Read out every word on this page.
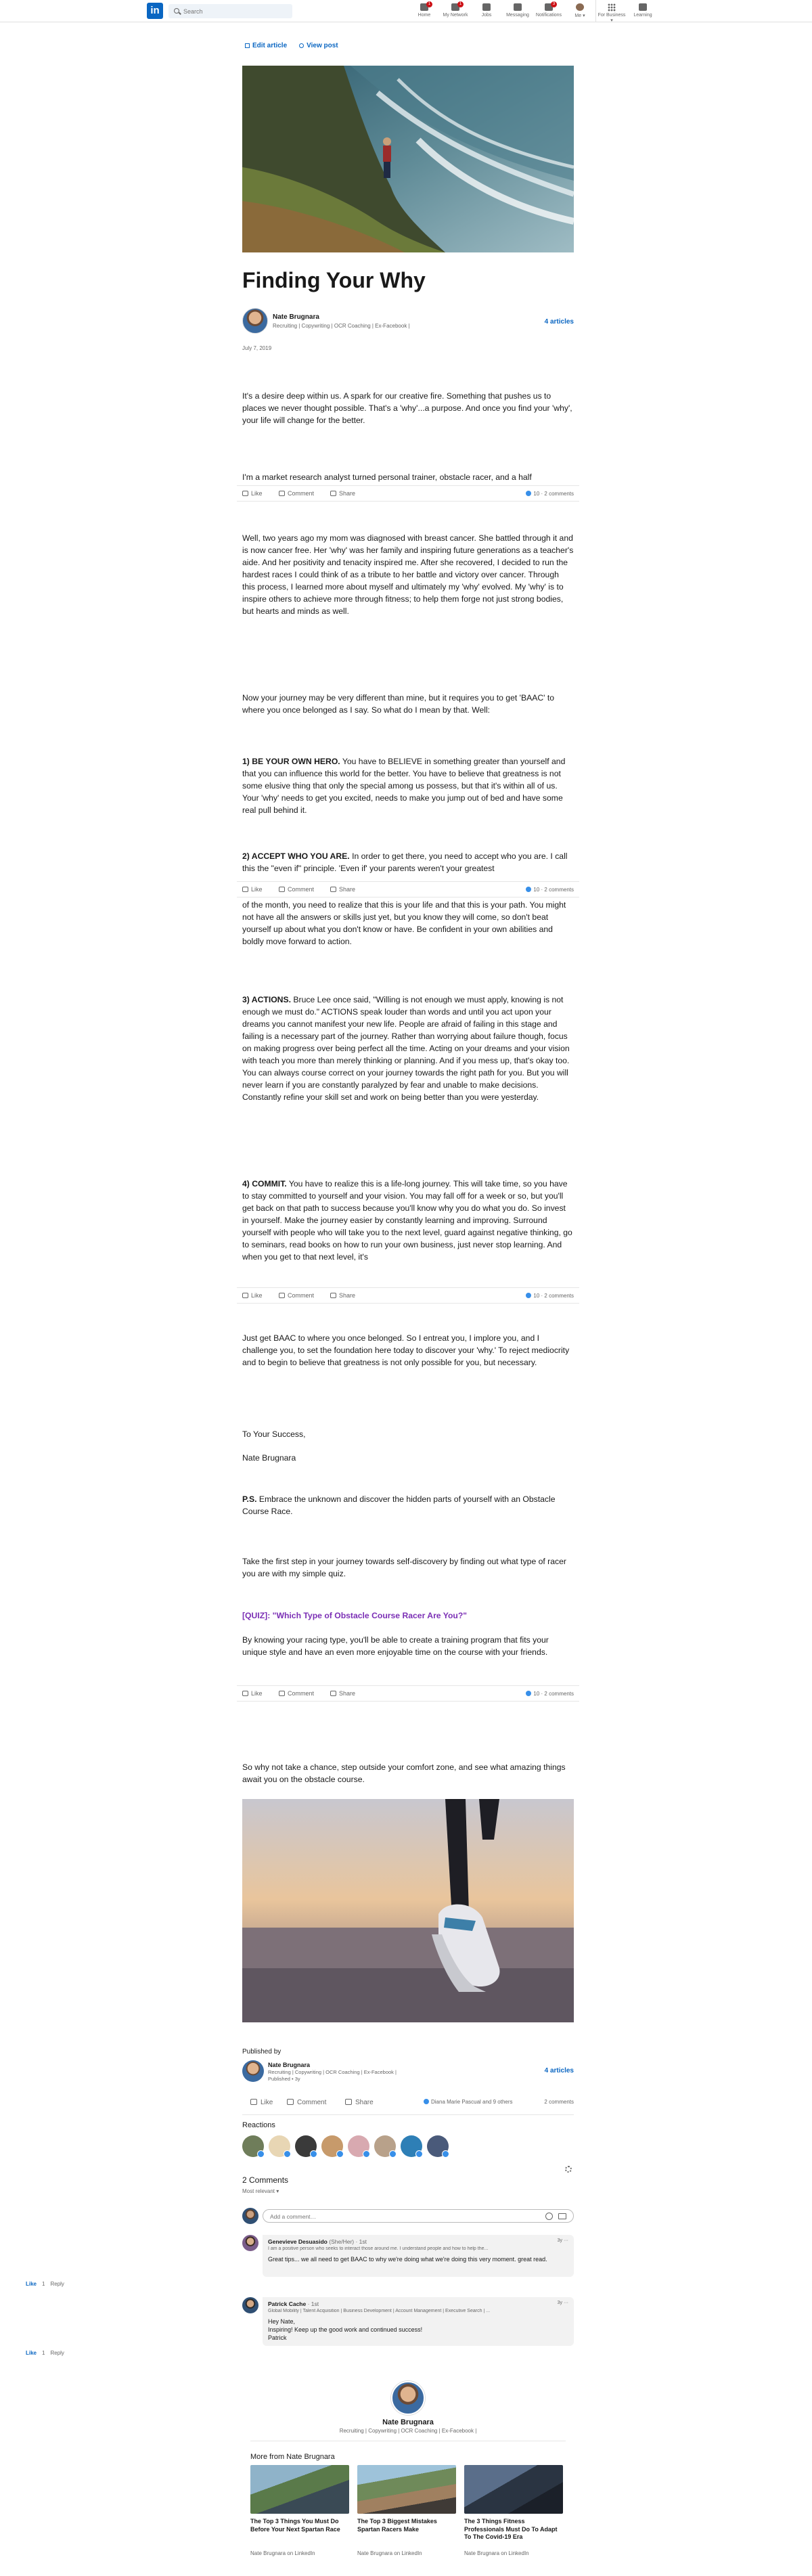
in
Search
1
Home
1
My Network	Jobs	Messaging
3
Notifications	Me ▾	For Business ▾
Learning
Edit article	View post
Finding Your Why
Nate Brugnara
Recruiting | Copywriting | OCR Coaching | Ex-Facebook |
4 articles
July 7, 2019
It's a desire deep within us. A spark for our creative fire. Something that pushes us to places we never thought possible. That's a 'why'...a purpose. And once you find your 'why', your life will change for the better.
I'm a market research analyst turned personal trainer, obstacle racer, and a half
Like	Comment	Share	10 · 2 comments
Well, two years ago my mom was diagnosed with breast cancer. She battled through it and is now cancer free. Her 'why' was her family and inspiring future generations as a teacher's aide. And her positivity and tenacity inspired me. After she recovered, I decided to run the hardest races I could think of as a tribute to her battle and victory over cancer. Through this process, I learned more about myself and ultimately my 'why' evolved. My 'why' is to inspire others to achieve more through fitness; to help them forge not just strong bodies, but hearts and minds as well.
Now your journey may be very different than mine, but it requires you to get 'BAAC' to where you once belonged as I say. So what do I mean by that. Well:
1) BE YOUR OWN HERO. You have to BELIEVE in something greater than yourself and that you can influence this world for the better. You have to believe that greatness is not some elusive thing that only the special among us possess, but that it's within all of us. Your 'why' needs to get you excited, needs to make you jump out of bed and have some real pull behind it.
2) ACCEPT WHO YOU ARE. In order to get there, you need to accept who you are. I call this the "even if" principle. 'Even if' your parents weren't your greatest
Like	Comment	Share	10 · 2 comments
of the month, you need to realize that this is your life and that this is your path. You might not have all the answers or skills just yet, but you know they will come, so don't beat yourself up about what you don't know or have. Be confident in your own abilities and boldly move forward to action.
3) ACTIONS. Bruce Lee once said, "Willing is not enough we must apply, knowing is not enough we must do." ACTIONS speak louder than words and until you act upon your dreams you cannot manifest your new life. People are afraid of failing in this stage and failing is a necessary part of the journey. Rather than worrying about failure though, focus on making progress over being perfect all the time. Acting on your dreams and your vision with teach you more than merely thinking or planning. And if you mess up, that's okay too. You can always course correct on your journey towards the right path for you. But you will never learn if you are constantly paralyzed by fear and unable to make decisions. Constantly refine your skill set and work on being better than you were yesterday.
4) COMMIT. You have to realize this is a life-long journey. This will take time, so you have to stay committed to yourself and your vision. You may fall off for a week or so, but you'll get back on that path to success because you'll know why you do what you do. So invest in yourself. Make the journey easier by constantly learning and improving. Surround yourself with people who will take you to the next level, guard against negative thinking, go to seminars, read books on how to run your own business, just never stop learning. And when you get to that next level, it's
Like	Comment	Share	10 · 2 comments
Just get BAAC to where you once belonged. So I entreat you, I implore you, and I challenge you, to set the foundation here today to discover your 'why.' To reject mediocrity and to begin to believe that greatness is not only possible for you, but necessary.
To Your Success,
Nate Brugnara
P.S. Embrace the unknown and discover the hidden parts of yourself with an Obstacle Course Race.
Take the first step in your journey towards self-discovery by finding out what type of racer you are with my simple quiz.
[QUIZ]: "Which Type of Obstacle Course Racer Are You?"
By knowing your racing type, you'll be able to create a training program that fits your unique style and have an even more enjoyable time on the course with your friends.
Like	Comment	Share	10 · 2 comments
So why not take a chance, step outside your comfort zone, and see what amazing things await you on the obstacle course.
Published by
Nate Brugnara
Recruiting | Copywriting | OCR Coaching | Ex-Facebook |
Published • 3y
4 articles
Like	Comment	Share	Diana Marie Pascual and 9 others	2 comments
Reactions
2 Comments
Most relevant ▾
Add a comment…
Genevieve Desuasido (She/Her) · 1st
I am a positive person who seeks to interact those around me. I understand people and how to help the...
Great tips... we all need to get BAAC to why we're doing what we're doing this very moment. great read.
3y ···
Like 1 Reply
Patrick Cache · 1st
Global Mobility | Talent Acquisition | Business Development | Account Management | Executive Search | ...
Hey Nate,
Inspiring! Keep up the good work and continued success!
Patrick
3y ···
Like 1 Reply
Nate Brugnara
Recruiting | Copywriting | OCR Coaching | Ex-Facebook |
More from Nate Brugnara
The Top 3 Things You Must Do Before Your Next Spartan Race
Nate Brugnara on LinkedIn
The Top 3 Biggest Mistakes Spartan Racers Make
Nate Brugnara on LinkedIn
The 3 Things Fitness Professionals Must Do To Adapt To The Covid-19 Era
Nate Brugnara on LinkedIn
